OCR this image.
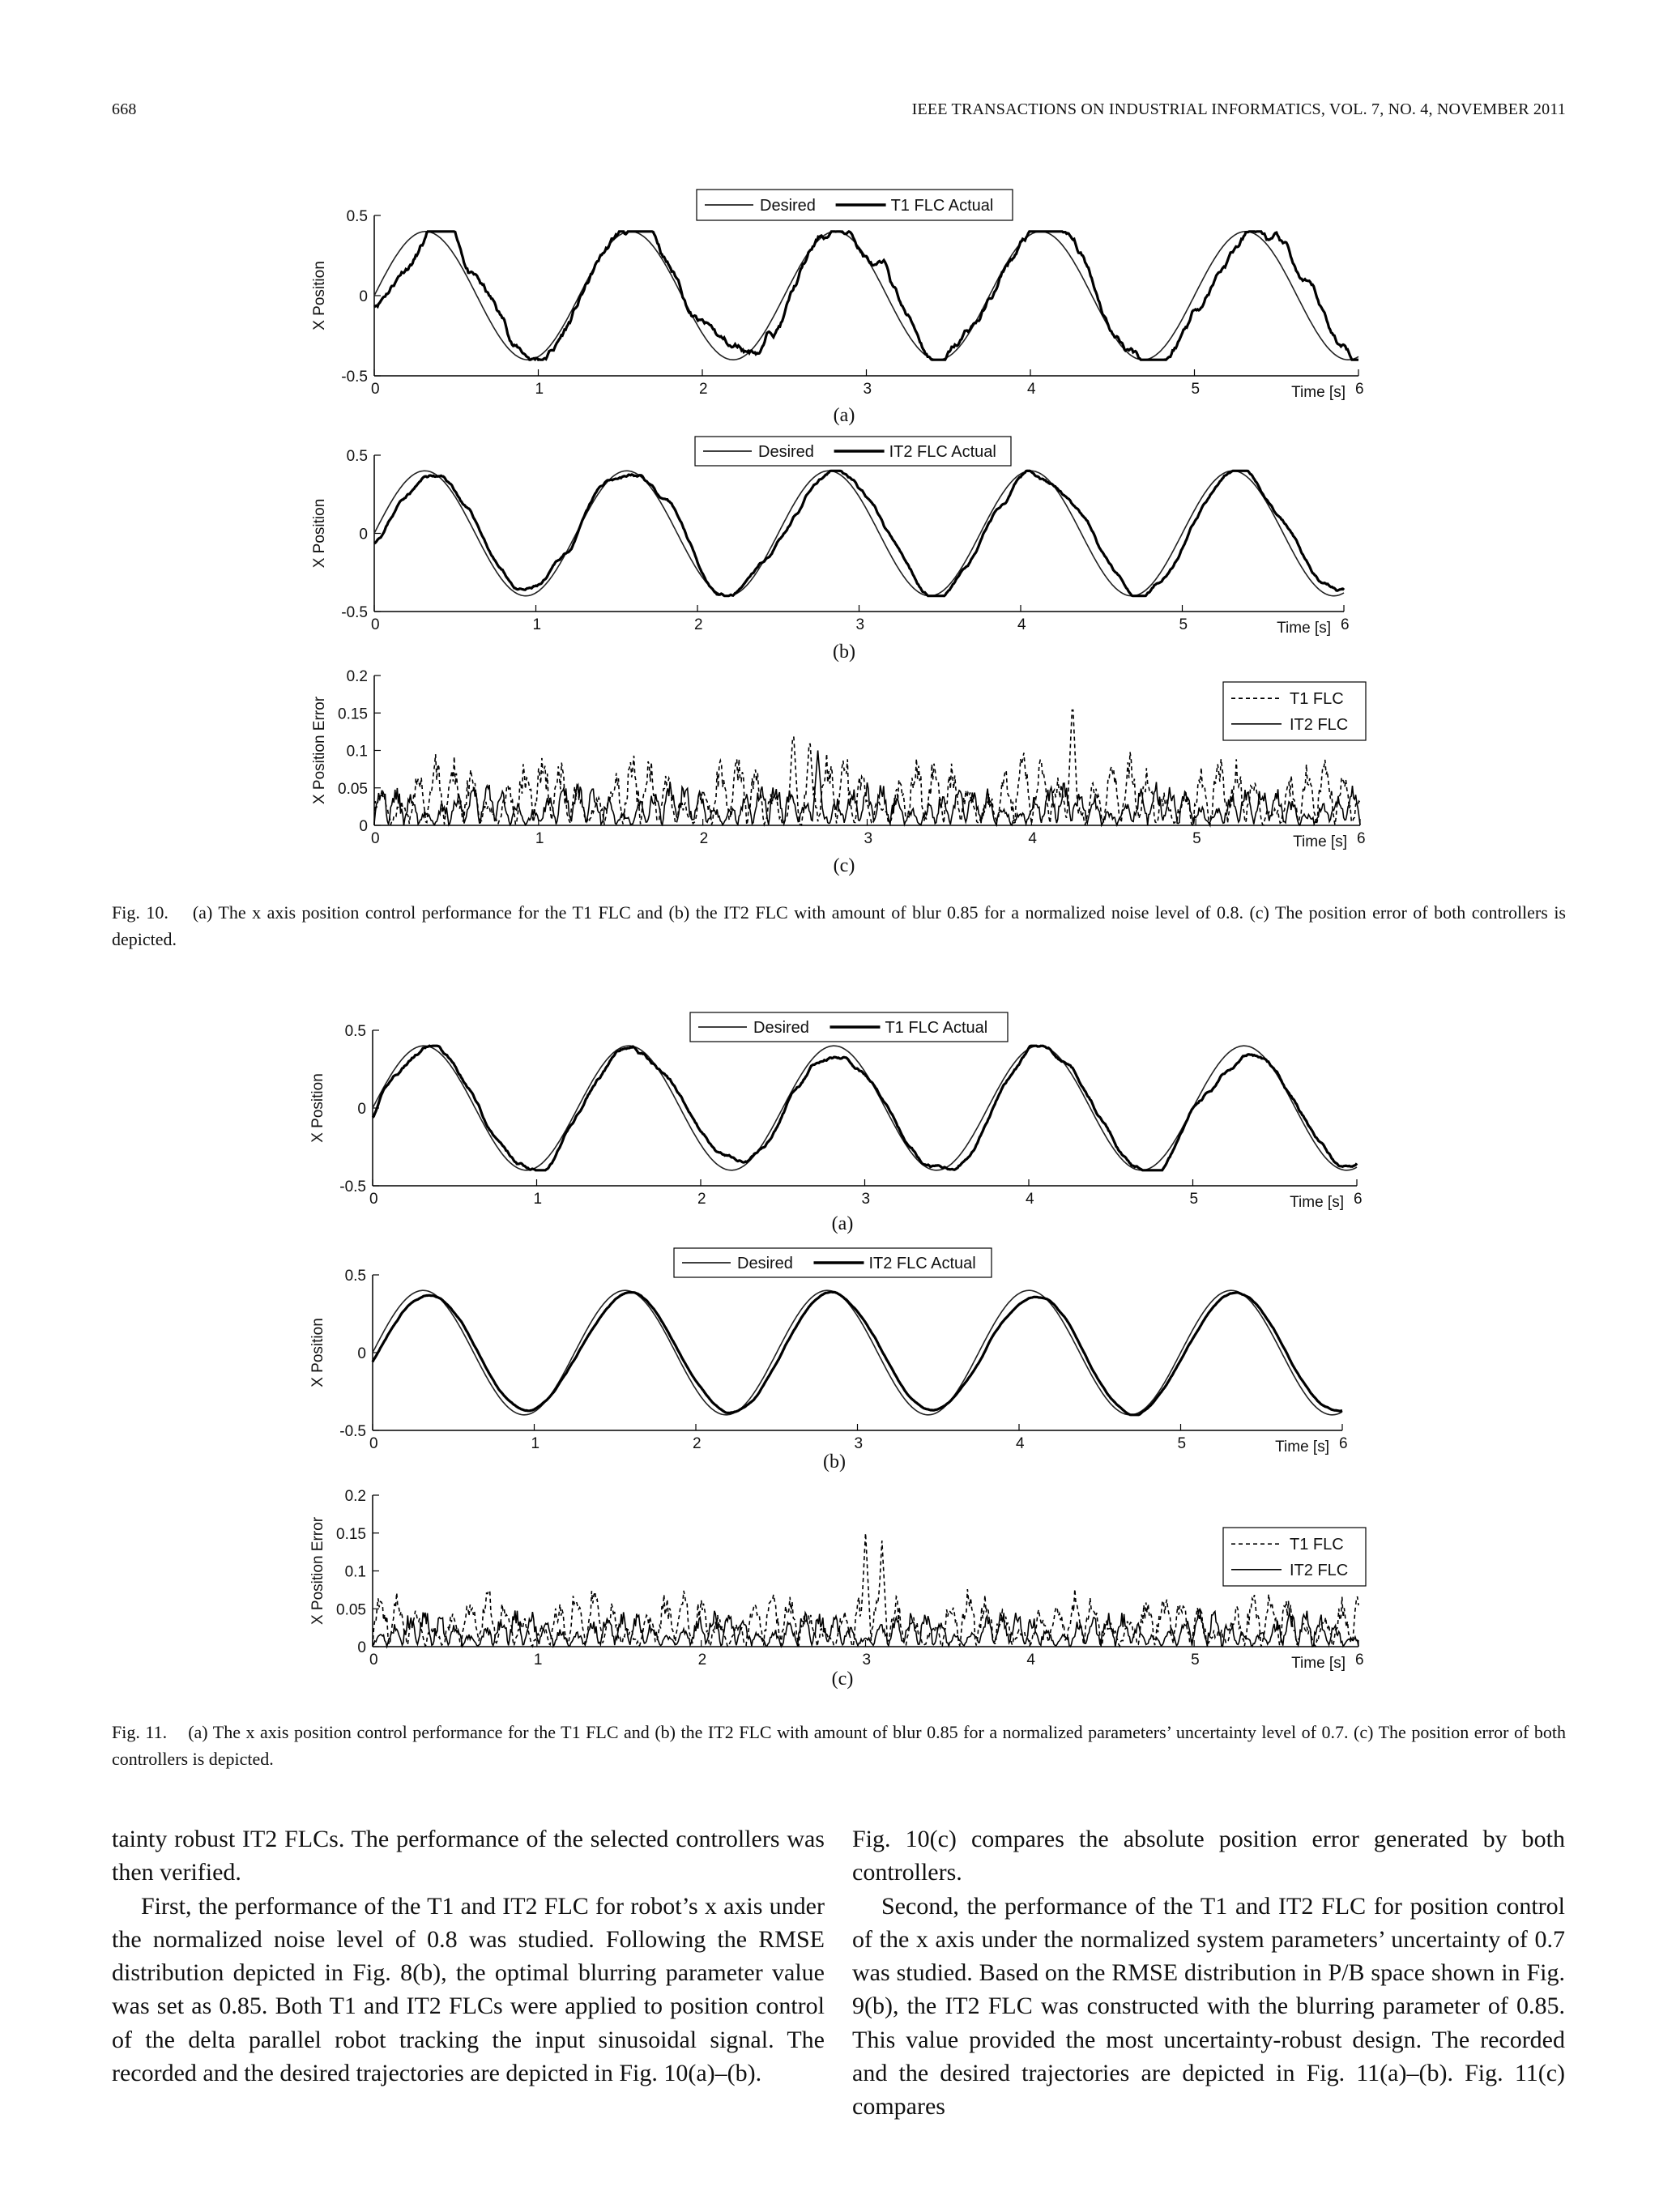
668	IEEE TRANSACTIONS ON INDUSTRIAL INFORMATICS, VOL. 7, NO. 4, NOVEMBER 2011
0	1	2	3	4	5	6
-0.5
0
0.5
Time [s]
X Position
Desired	T1 FLC Actual
0	1	2	3	4	5	6
-0.5
0
0.5
Time [s]
X Position
Desired	IT2 FLC Actual
0	1	2	3	4	5	6
0
0.05
0.1
0.15
0.2
Time [s]
X Position Error	T1 FLC
IT2 FLC
(a)
(b)
(c)
Fig. 10. (a) The x axis position control performance for the T1 FLC and (b) the IT2 FLC with amount of blur 0.85 for a normalized noise level of 0.8. (c) The position error of both controllers is depicted.
0	1	2	3	4	5	6
-0.5
0
0.5
Time [s]
X Position
Desired	T1 FLC Actual
0	1	2	3	4	5	6
-0.5
0
0.5
Time [s]
X Position
Desired	IT2 FLC Actual
0	1	2	3	4	5	6
0
0.05
0.1
0.15
0.2
Time [s]
X Position Error	T1 FLC
IT2 FLC
(a)
(b)
(c)
Fig. 11. (a) The x axis position control performance for the T1 FLC and (b) the IT2 FLC with amount of blur 0.85 for a normalized parameters’ uncertainty level of 0.7. (c) The position error of both controllers is depicted.

tainty robust IT2 FLCs. The performance of the selected controllers was then verified.

First, the performance of the T1 and IT2 FLC for robot’s x axis under the normalized noise level of 0.8 was studied. Following the RMSE distribution depicted in Fig. 8(b), the optimal blurring parameter value was set as 0.85. Both T1 and IT2 FLCs were applied to position control of the delta parallel robot tracking the input sinusoidal signal. The recorded and the desired trajectories are depicted in Fig. 10(a)–(b).

Fig. 10(c) compares the absolute position error generated by both controllers.

Second, the performance of the T1 and IT2 FLC for position control of the x axis under the normalized system parameters’ uncertainty of 0.7 was studied. Based on the RMSE distribution in P/B space shown in Fig. 9(b), the IT2 FLC was constructed with the blurring parameter of 0.85. This value provided the most uncertainty-robust design. The recorded and the desired trajectories are depicted in Fig. 11(a)–(b). Fig. 11(c) compares
